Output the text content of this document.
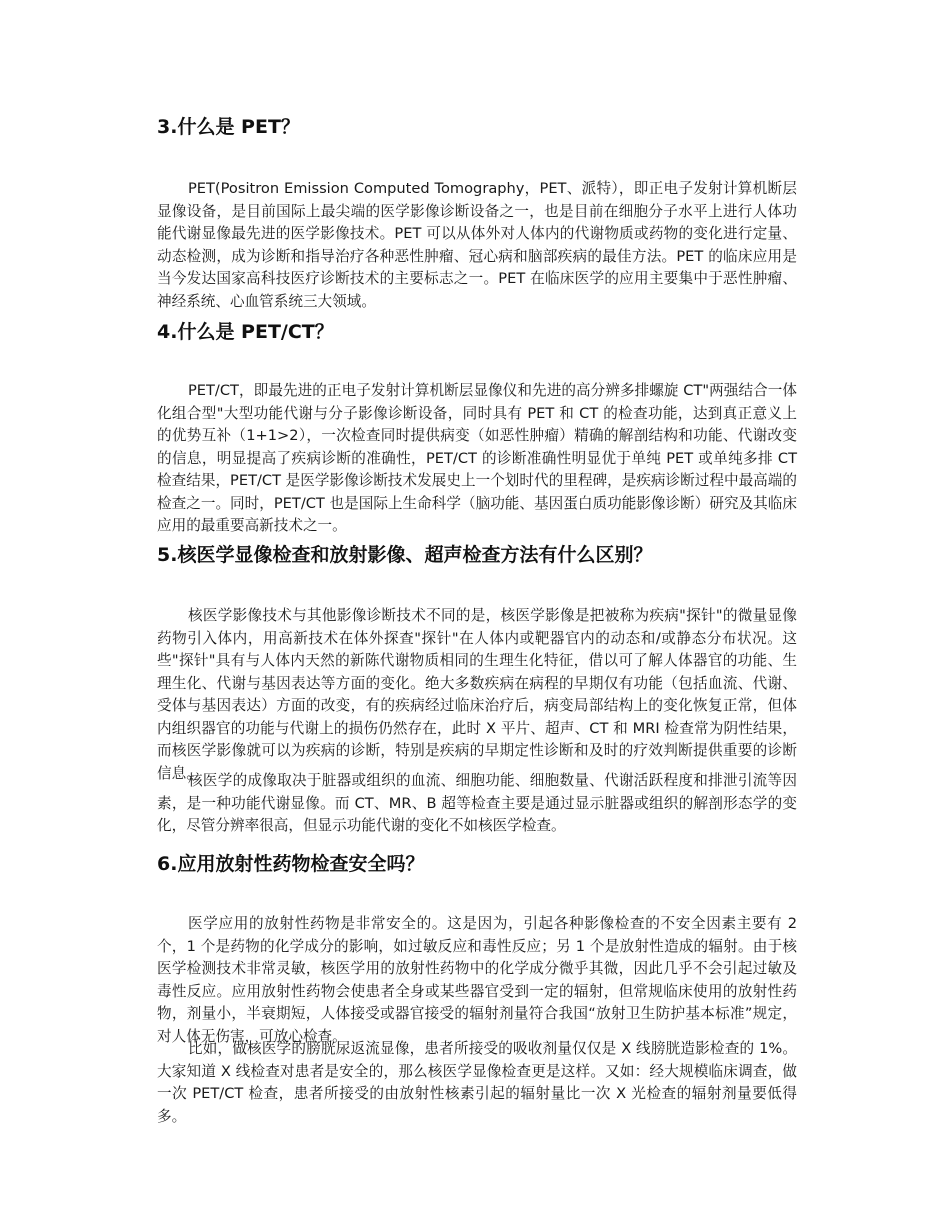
3.什么是 PET？

PET(Positron Emission Computed Tomography，PET、派特），即正电子发射计算机断层显像设备，是目前国际上最尖端的医学影像诊断设备之一，也是目前在细胞分子水平上进行人体功能代谢显像最先进的医学影像技术。PET 可以从体外对人体内的代谢物质或药物的变化进行定量、动态检测，成为诊断和指导治疗各种恶性肿瘤、冠心病和脑部疾病的最佳方法。PET 的临床应用是当今发达国家高科技医疗诊断技术的主要标志之一。PET 在临床医学的应用主要集中于恶性肿瘤、神经系统、心血管系统三大领域。

4.什么是 PET/CT？

PET/CT，即最先进的正电子发射计算机断层显像仪和先进的高分辨多排螺旋 CT"两强结合一体化组合型"大型功能代谢与分子影像诊断设备，同时具有 PET 和 CT 的检查功能，达到真正意义上的优势互补（1+1>2），一次检查同时提供病变（如恶性肿瘤）精确的解剖结构和功能、代谢改变的信息，明显提高了疾病诊断的准确性，PET/CT 的诊断准确性明显优于单纯 PET 或单纯多排 CT 检查结果，PET/CT 是医学影像诊断技术发展史上一个划时代的里程碑，是疾病诊断过程中最高端的检查之一。同时，PET/CT 也是国际上生命科学（脑功能、基因蛋白质功能影像诊断）研究及其临床应用的最重要高新技术之一。

5.核医学显像检查和放射影像、超声检查方法有什么区别？

核医学影像技术与其他影像诊断技术不同的是，核医学影像是把被称为疾病"探针"的微量显像药物引入体内，用高新技术在体外探查"探针"在人体内或靶器官内的动态和/或静态分布状况。这些"探针"具有与人体内天然的新陈代谢物质相同的生理生化特征，借以可了解人体器官的功能、生理生化、代谢与基因表达等方面的变化。绝大多数疾病在病程的早期仅有功能（包括血流、代谢、受体与基因表达）方面的改变，有的疾病经过临床治疗后，病变局部结构上的变化恢复正常，但体内组织器官的功能与代谢上的损伤仍然存在，此时 X 平片、超声、CT 和 MRI 检查常为阴性结果，而核医学影像就可以为疾病的诊断，特别是疾病的早期定性诊断和及时的疗效判断提供重要的诊断信息。

核医学的成像取决于脏器或组织的血流、细胞功能、细胞数量、代谢活跃程度和排泄引流等因素，是一种功能代谢显像。而 CT、MR、B 超等检查主要是通过显示脏器或组织的解剖形态学的变化，尽管分辨率很高，但显示功能代谢的变化不如核医学检查。

6.应用放射性药物检查安全吗？

医学应用的放射性药物是非常安全的。这是因为，引起各种影像检查的不安全因素主要有 2 个，1 个是药物的化学成分的影响，如过敏反应和毒性反应；另 1 个是放射性造成的辐射。由于核医学检测技术非常灵敏，核医学用的放射性药物中的化学成分微乎其微，因此几乎不会引起过敏及毒性反应。应用放射性药物会使患者全身或某些器官受到一定的辐射，但常规临床使用的放射性药物，剂量小，半衰期短，人体接受或器官接受的辐射剂量符合我国“放射卫生防护基本标准”规定，对人体无伤害，可放心检查。

比如，做核医学的膀胱尿返流显像，患者所接受的吸收剂量仅仅是 X 线膀胱造影检查的 1%。大家知道 X 线检查对患者是安全的，那么核医学显像检查更是这样。又如：经大规模临床调查，做一次 PET/CT 检查，患者所接受的由放射性核素引起的辐射量比一次 X 光检查的辐射剂量要低得多。
